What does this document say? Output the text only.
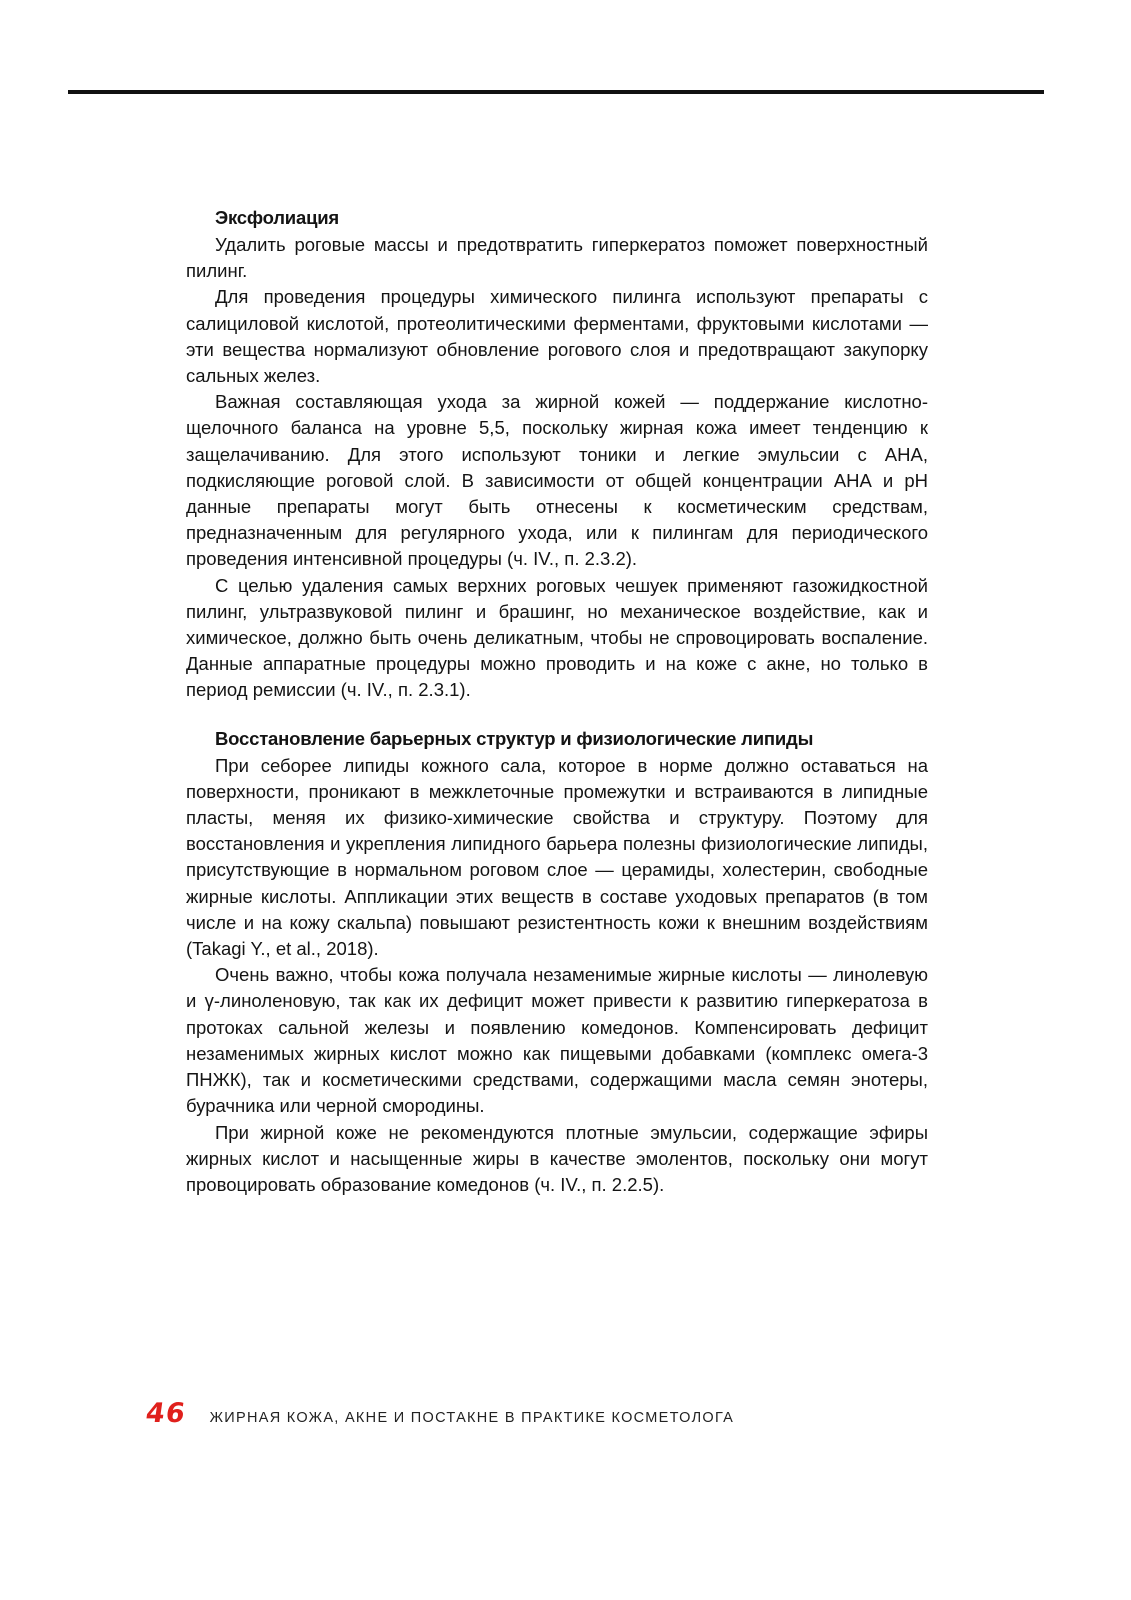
Эксфолиация

Удалить роговые массы и предотвратить гиперкератоз поможет поверхностный пилинг.

Для проведения процедуры химического пилинга используют препараты с салициловой кислотой, протеолитическими ферментами, фруктовыми кислотами — эти вещества нормализуют обновление рогового слоя и предотвращают закупорку сальных желез.

Важная составляющая ухода за жирной кожей — поддержание кислотно-щелочного баланса на уровне 5,5, поскольку жирная кожа имеет тенденцию к защелачиванию. Для этого используют тоники и легкие эмульсии с АНА, подкисляющие роговой слой. В зависимости от общей концентрации АНА и рН данные препараты могут быть отнесены к косметическим средствам, предназначенным для регулярного ухода, или к пилингам для периодического проведения интенсивной процедуры (ч. IV., п. 2.3.2).

С целью удаления самых верхних роговых чешуек применяют газожидкостной пилинг, ультразвуковой пилинг и брашинг, но механическое воздействие, как и химическое, должно быть очень деликатным, чтобы не спровоцировать воспаление. Данные аппаратные процедуры можно проводить и на коже с акне, но только в период ремиссии (ч. IV., п. 2.3.1).

Восстановление барьерных структур и физиологические липиды

При себорее липиды кожного сала, которое в норме должно оставаться на поверхности, проникают в межклеточные промежутки и встраиваются в липидные пласты, меняя их физико-химические свойства и структуру. Поэтому для восстановления и укрепления липидного барьера полезны физиологические липиды, присутствующие в нормальном роговом слое — церамиды, холестерин, свободные жирные кислоты. Аппликации этих веществ в составе уходовых препаратов (в том числе и на кожу скальпа) повышают резистентность кожи к внешним воздействиям (Takagi Y., et al., 2018).

Очень важно, чтобы кожа получала незаменимые жирные кислоты — линолевую и γ-линоленовую, так как их дефицит может привести к развитию гиперкератоза в протоках сальной железы и появлению комедонов. Компенсировать дефицит незаменимых жирных кислот можно как пищевыми добавками (комплекс омега-3 ПНЖК), так и косметическими средствами, содержащими масла семян энотеры, бурачника или черной смородины.

При жирной коже не рекомендуются плотные эмульсии, содержащие эфиры жирных кислот и насыщенные жиры в качестве эмолентов, поскольку они могут провоцировать образование комедонов (ч. IV., п. 2.2.5).

46 ЖИРНАЯ КОЖА, АКНЕ И ПОСТАКНЕ В ПРАКТИКЕ КОСМЕТОЛОГА
